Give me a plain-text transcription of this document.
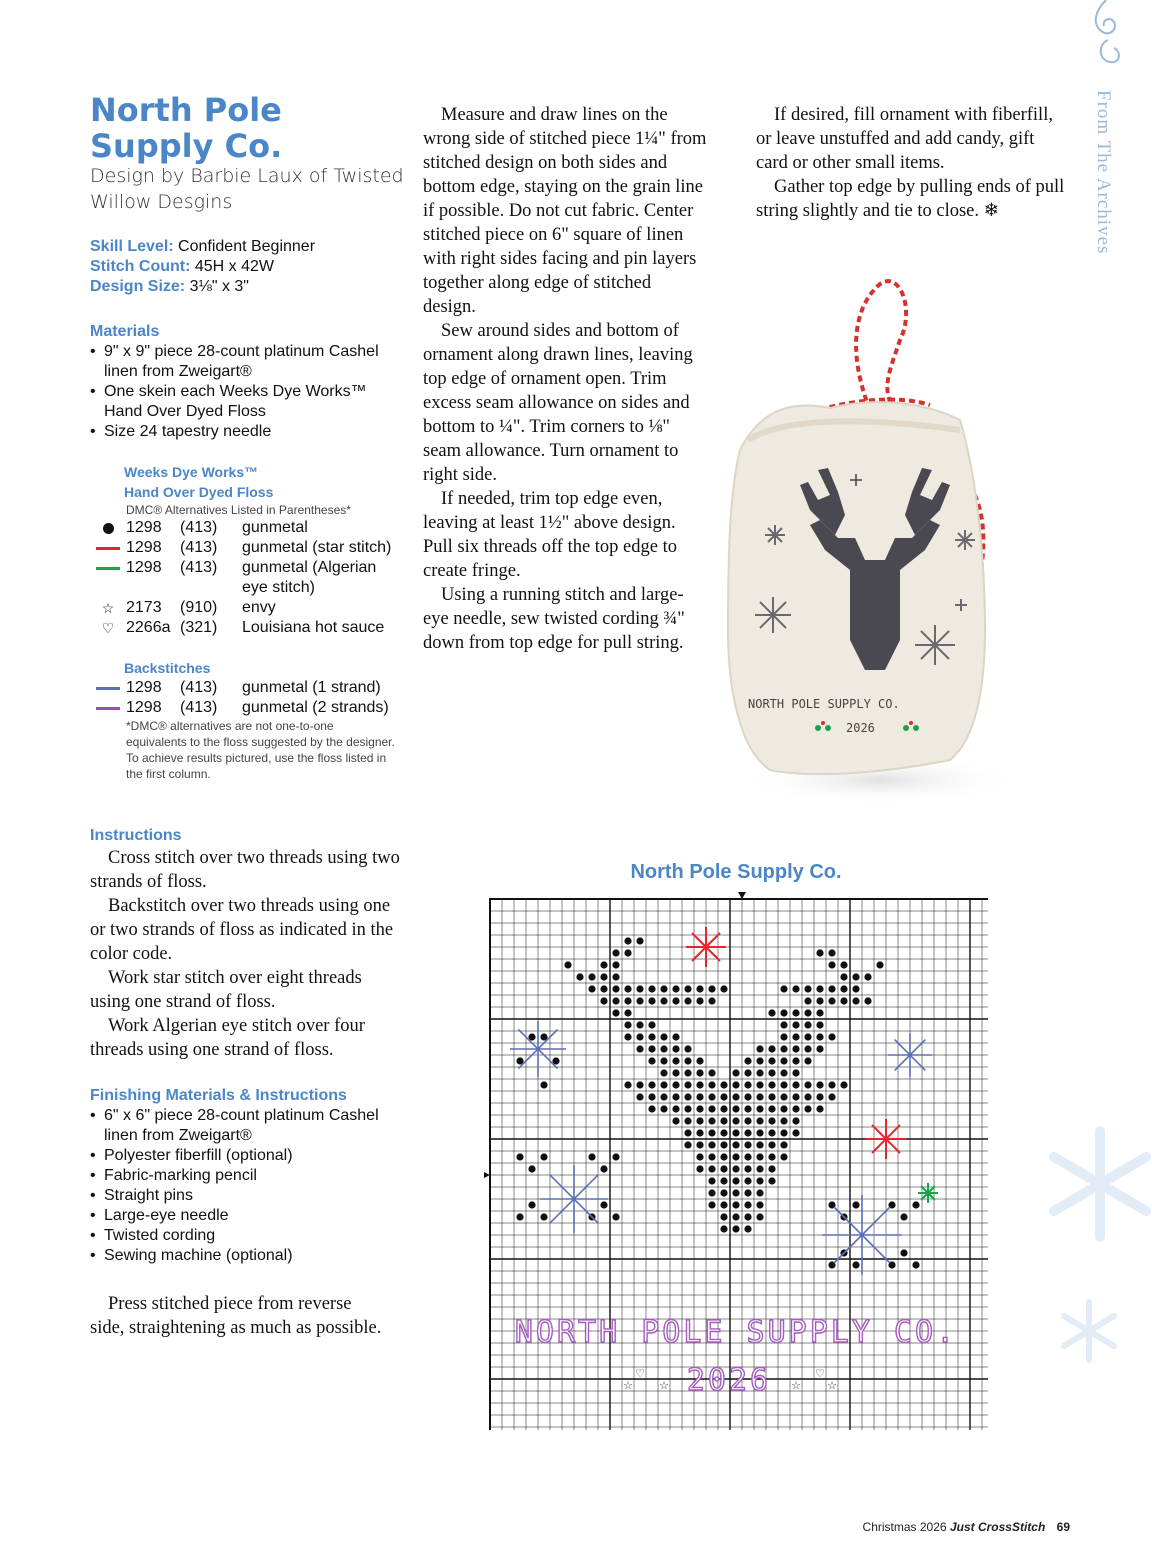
From The Archives
North Pole
Supply Co.
Design by Barbie Laux of Twisted Willow Desgins
Skill Level: Confident Beginner
Stitch Count: 45H x 42W
Design Size: 3⅛" x 3"
Materials
• 9" x 9" piece 28-count platinum Cashel linen from Zweigart®
• One skein each Weeks Dye Works™ Hand Over Dyed Floss
• Size 24 tapestry needle
Weeks Dye Works™
Hand Over Dyed Floss
DMC® Alternatives Listed in Parentheses*
1298	(413)	gunmetal
1298	(413)	gunmetal (star stitch)
1298	(413)	gunmetal (Algerian eye stitch)
☆ 2173	(910)	envy
♡ 2266a (321)	Louisiana hot sauce
Backstitches
1298	(413)	gunmetal (1 strand)
1298	(413)	gunmetal (2 strands)
*DMC® alternatives are not one-to-one equivalents to the floss suggested by the designer. To achieve results pictured, use the floss listed in the first column.
Instructions

Cross stitch over two threads using two strands of floss.

Backstitch over two threads using one or two strands of floss as indicated in the color code.

Work star stitch over eight threads using one strand of floss.

Work Algerian eye stitch over four threads using one strand of floss.

Finishing Materials & Instructions
• 6" x 6" piece 28-count platinum Cashel linen from Zweigart®
• Polyester fiberfill (optional)
• Fabric-marking pencil
• Straight pins
• Large-eye needle
• Twisted cording
• Sewing machine (optional)

Press stitched piece from reverse side, straightening as much as possible.

Measure and draw lines on the wrong side of stitched piece 1¼" from stitched design on both sides and bottom edge, staying on the grain line if possible. Do not cut fabric. Center stitched piece on 6" square of linen with right sides facing and pin layers together along edge of stitched design.

Sew around sides and bottom of ornament along drawn lines, leaving top edge of ornament open. Trim excess seam allowance on sides and bottom to ¼". Trim corners to ⅛" seam allowance. Turn ornament to right side.

If needed, trim top edge even, leaving at least 1½" above design. Pull six threads off the top edge to create fringe.

Using a running stitch and large-eye needle, sew twisted cording ¾" down from top edge for pull string.

If desired, fill ornament with fiberfill, or leave unstuffed and add candy, gift card or other small items.

Gather top edge by pulling ends of pull string slightly and tie to close. ❄

NORTH POLE SUPPLY CO.
2026
North Pole Supply Co.
☆ ☆	☆ ☆
♡	♡
NORTH POLE SUPPLY CO.
2026
Christmas 2026 Just CrossStitch 69
